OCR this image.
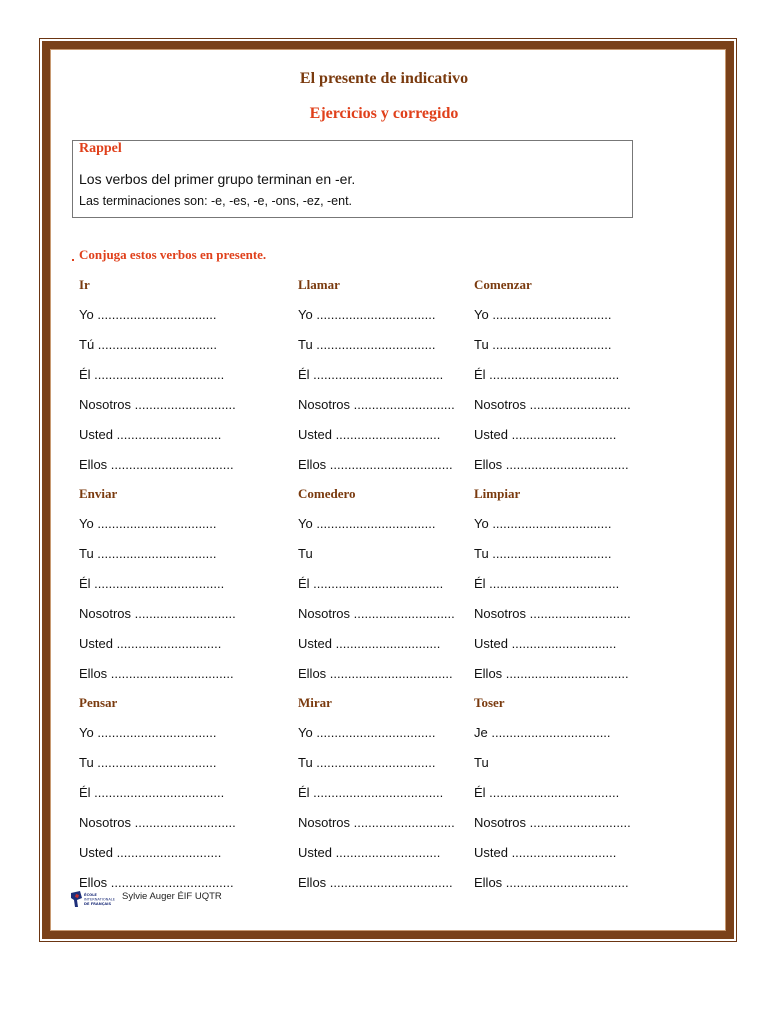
El presente de indicativo
Ejercicios y corregido
Rappel
Los verbos del primer grupo terminan en -er.
Las terminaciones son: -e, -es, -e, -ons, -ez, -ent.
Conjuga estos verbos en presente.
Ir
Yo .................................
Tú .................................
Él ....................................
Nosotros ............................
Usted .............................
Ellos ..................................
Llamar
Yo .................................
Tu .................................
Él ....................................
Nosotros ............................
Usted .............................
Ellos ..................................
Comenzar
Yo .................................
Tu .................................
Él ....................................
Nosotros ............................
Usted .............................
Ellos ..................................
Enviar
Yo .................................
Tu .................................
Él ....................................
Nosotros ............................
Usted .............................
Ellos ..................................
Comedero
Yo .................................
Tu
Él ....................................
Nosotros ............................
Usted .............................
Ellos ..................................
Limpiar
Yo .................................
Tu .................................
Él ....................................
Nosotros ............................
Usted .............................
Ellos ..................................
Pensar
Yo .................................
Tu .................................
Él ....................................
Nosotros ............................
Usted .............................
Ellos ..................................
Mirar
Yo .................................
Tu .................................
Él ....................................
Nosotros ............................
Usted .............................
Ellos ..................................
Toser
Je .................................
Tu
Él ....................................
Nosotros ............................
Usted .............................
Ellos ..................................
ÉCOLE
INTERNATIONALE
DE FRANÇAIS
Sylvie Auger ÉIF UQTR
